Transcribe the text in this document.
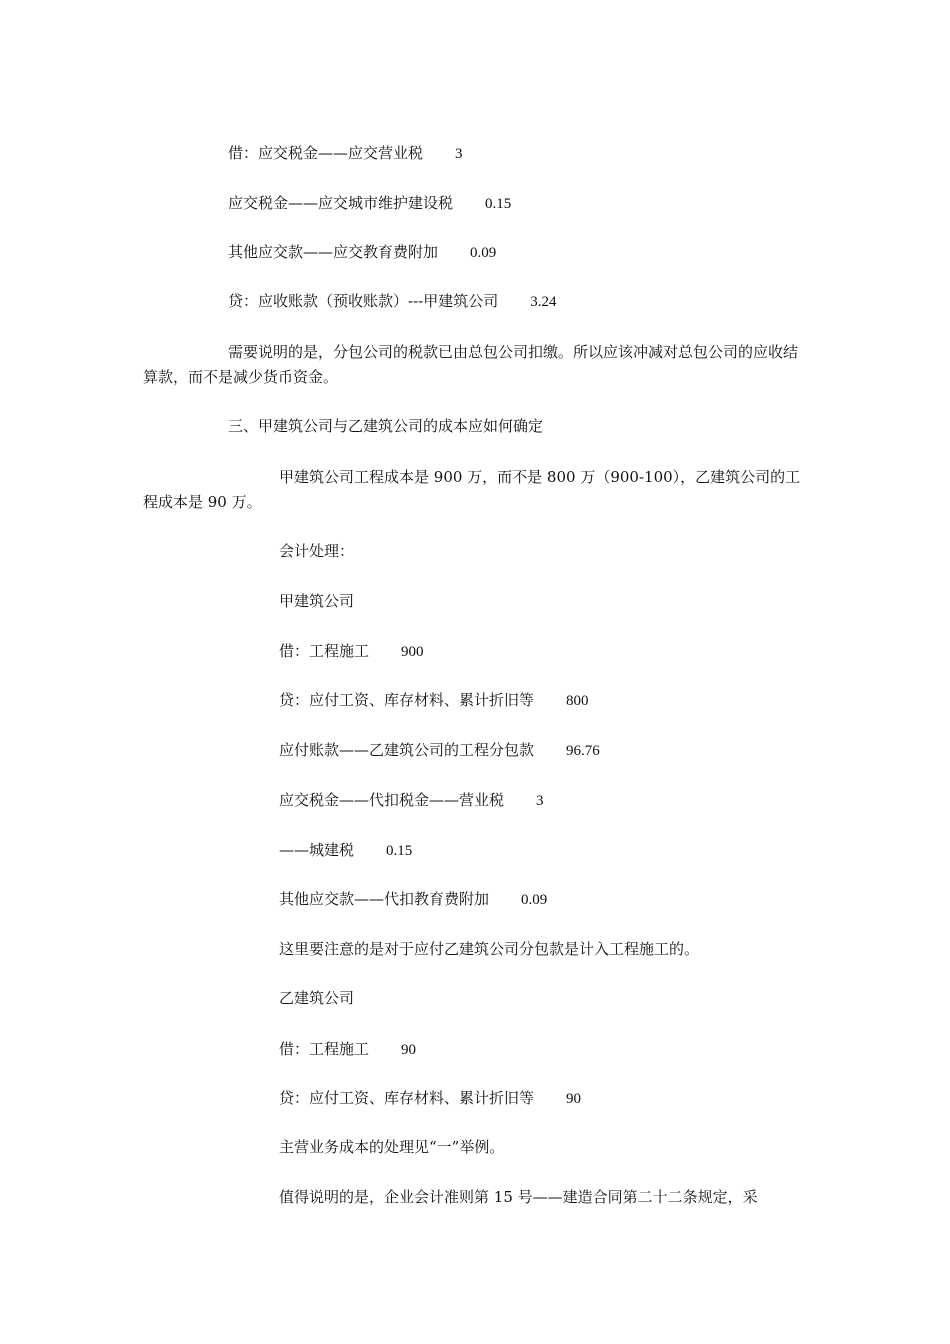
借：应交税金——应交营业税 3
应交税金——应交城市维护建设税 0.15
其他应交款——应交教育费附加 0.09
贷：应收账款（预收账款）---甲建筑公司 3.24
需要说明的是，分包公司的税款已由总包公司扣缴。所以应该冲减对总包公司的应收结算款，而不是减少货币资金。
三、甲建筑公司与乙建筑公司的成本应如何确定
甲建筑公司工程成本是 900 万，而不是 800 万（900-100），乙建筑公司的工程成本是 90 万。
会计处理：
甲建筑公司
借：工程施工 900
贷：应付工资、库存材料、累计折旧等 800
应付账款——乙建筑公司的工程分包款 96.76
应交税金——代扣税金——营业税 3
——城建税 0.15
其他应交款——代扣教育费附加 0.09
这里要注意的是对于应付乙建筑公司分包款是计入工程施工的。
乙建筑公司
借：工程施工 90
贷：应付工资、库存材料、累计折旧等 90
主营业务成本的处理见“一”举例。
值得说明的是，企业会计准则第 15 号——建造合同第二十二条规定，采
